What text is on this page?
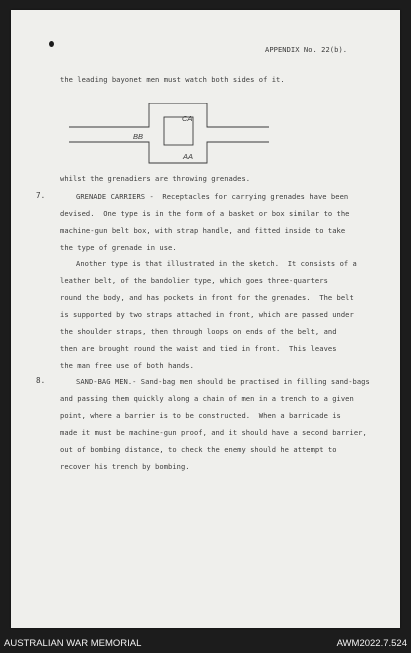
APPENDIX No. 22(b).
the leading bayonet men must watch both sides of it.
CA
BB
AA
whilst the grenadiers are throwing grenades.
7.	GRENADE CARRIERS -  Receptacles for carrying grenades have been
devised.  One type is in the form of a basket or box similar to the
machine-gun belt box, with strap handle, and fitted inside to take
the type of grenade in use.
Another type is that illustrated in the sketch.  It consists of a
leather belt, of the bandolier type, which goes three-quarters
round the body, and has pockets in front for the grenades.  The belt
is supported by two straps attached in front, which are passed under
the shoulder straps, then through loops on ends of the belt, and
then are brought round the waist and tied in front.  This leaves
the man free use of both hands.
8.	SAND-BAG MEN.- Sand-bag men should be practised in filling sand-bags
and passing them quickly along a chain of men in a trench to a given
point, where a barrier is to be constructed.  When a barricade is
made it must be machine-gun proof, and it should have a second barrier,
out of bombing distance, to check the enemy should he attempt to
recover his trench by bombing.
AUSTRALIAN WAR MEMORIAL	AWM2022.7.524
